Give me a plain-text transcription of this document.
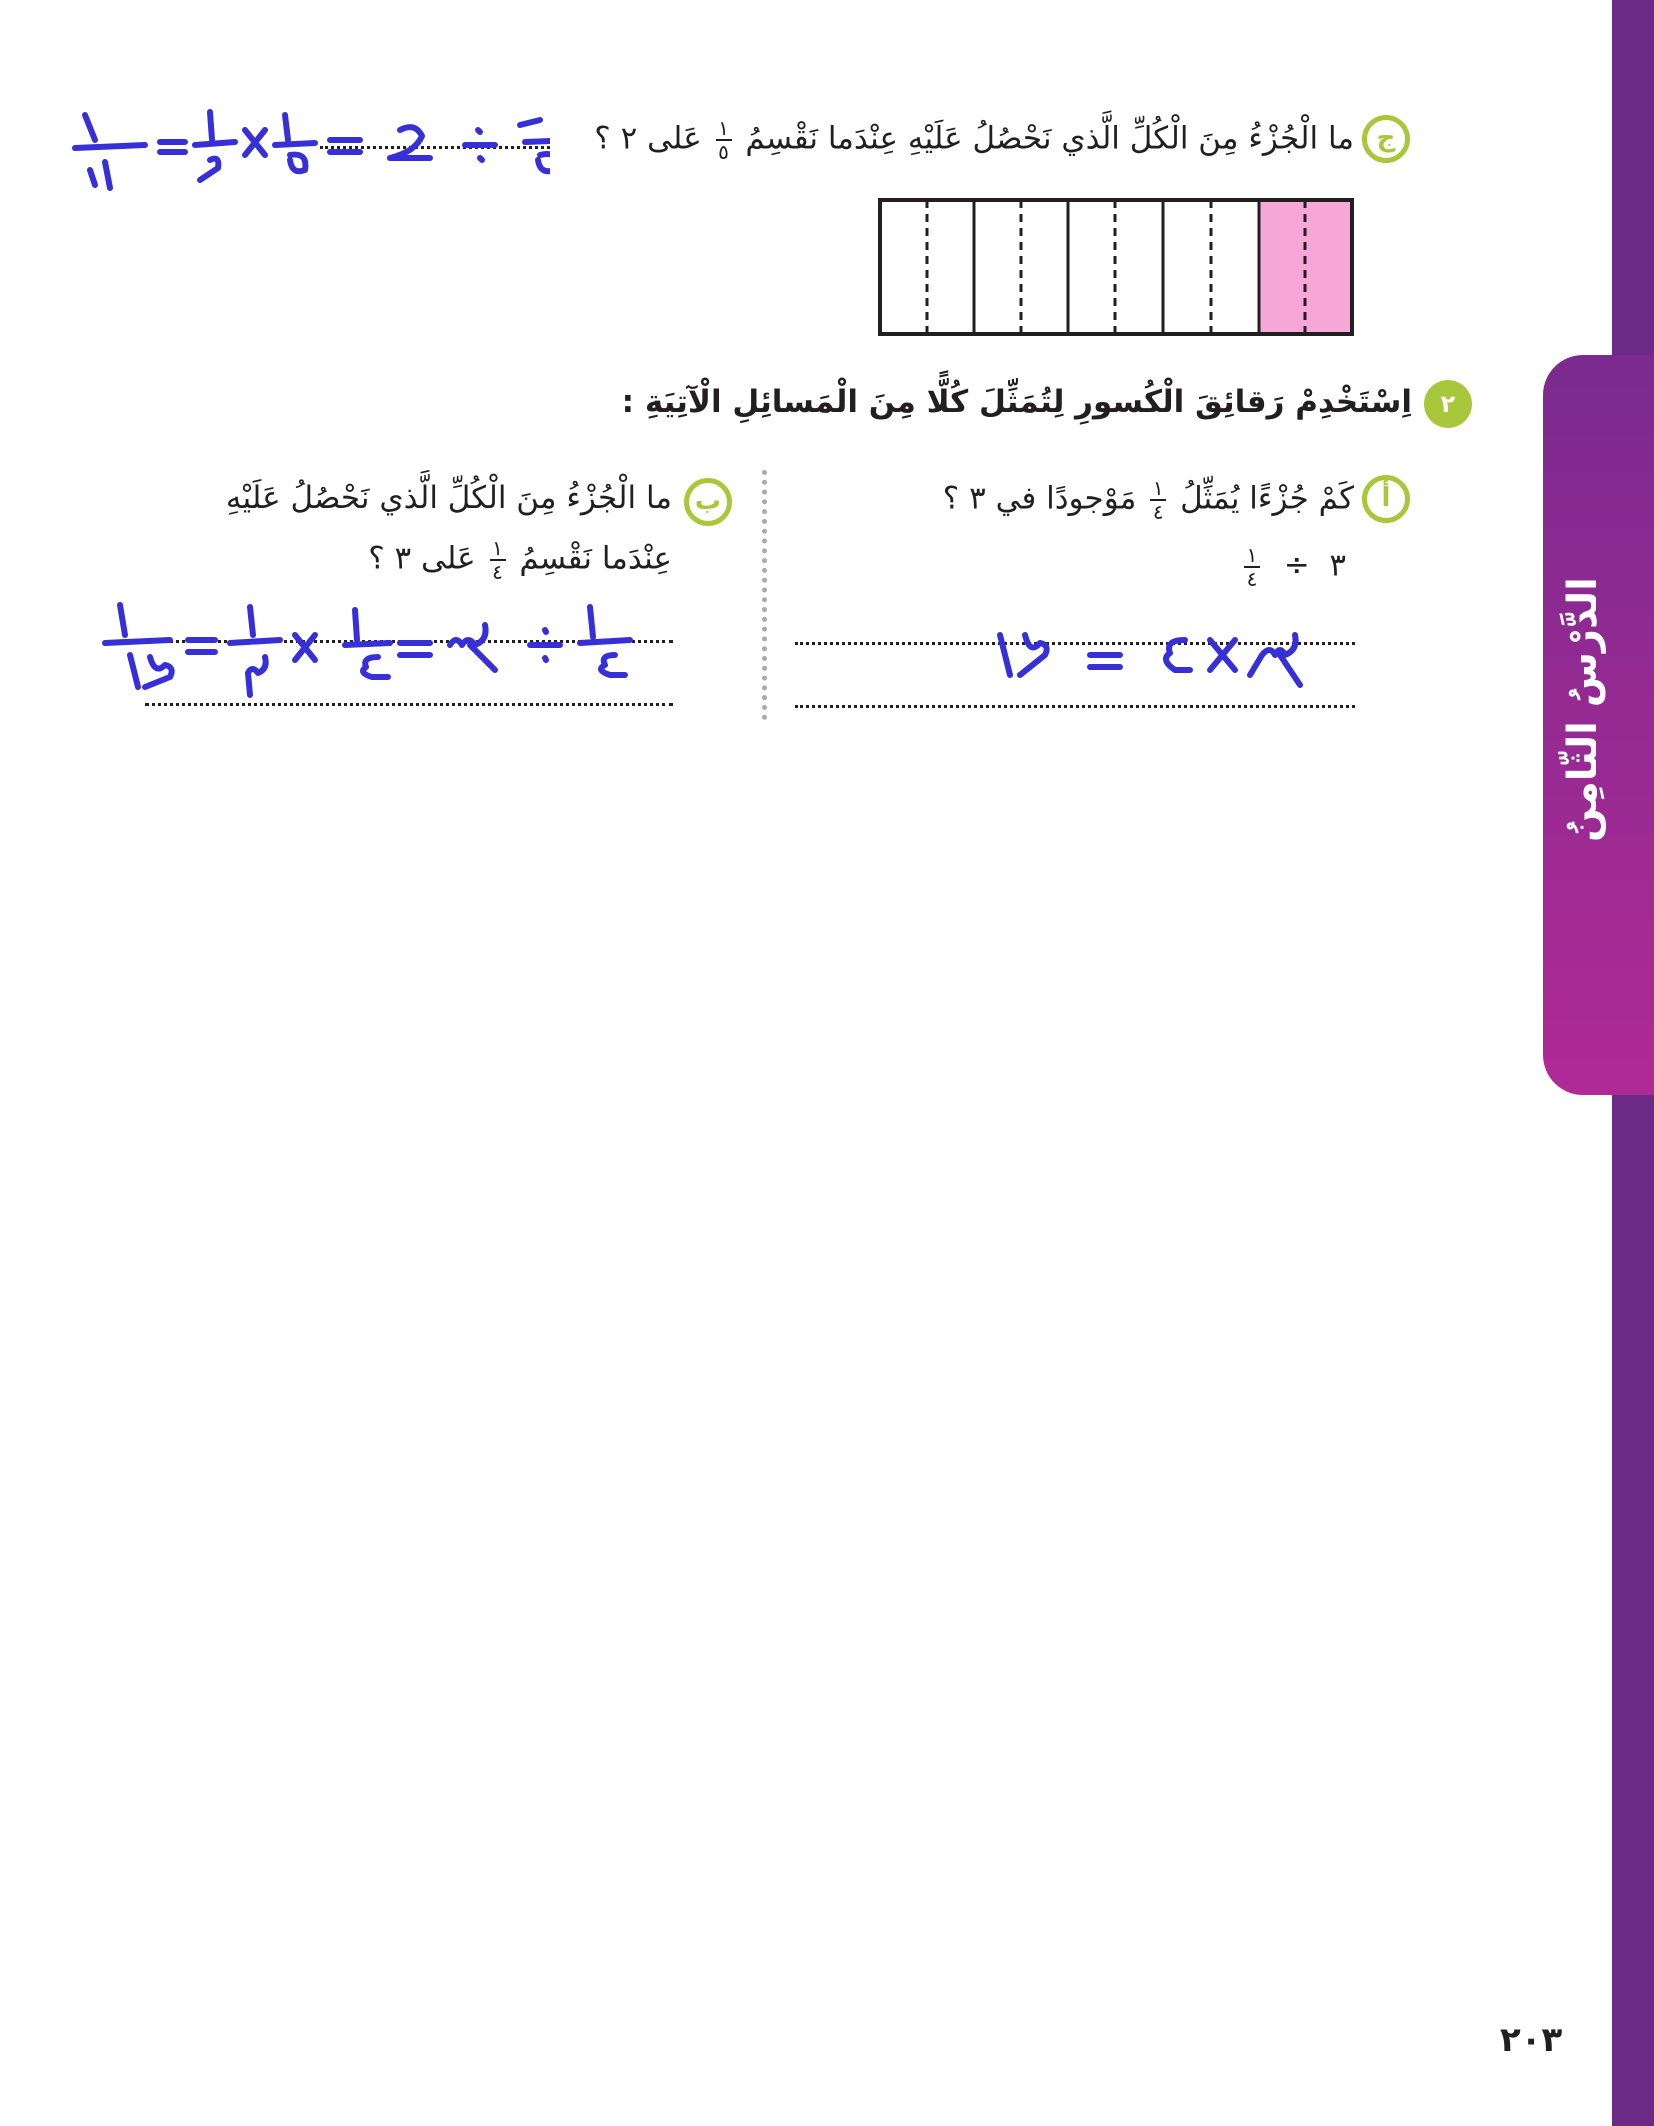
الدَّرْسُ الثّامِنُ
ج
ما الْجُزْءُ مِنَ الْكُلِّ الَّذي نَحْصُلُ عَلَيْهِ عِنْدَما نَقْسِمُ
$\frac{١}{٥}$
عَلى ٢ ؟
٢
اِسْتَخْدِمْ رَقائِقَ الْكُسورِ لِتُمَثِّلَ كُلًّا مِنَ الْمَسائِلِ الْآتِيَةِ :
أ
كَمْ جُزْءًا يُمَثِّلُ
$\frac{١}{٤}$
مَوْجودًا في ٣ ؟
٣  ÷
$\frac{١}{٤}$
ب
ما الْجُزْءُ مِنَ الْكُلِّ الَّذي نَحْصُلُ عَلَيْهِ
عِنْدَما نَقْسِمُ
$\frac{١}{٤}$
عَلى ٣ ؟
٢٠٣
